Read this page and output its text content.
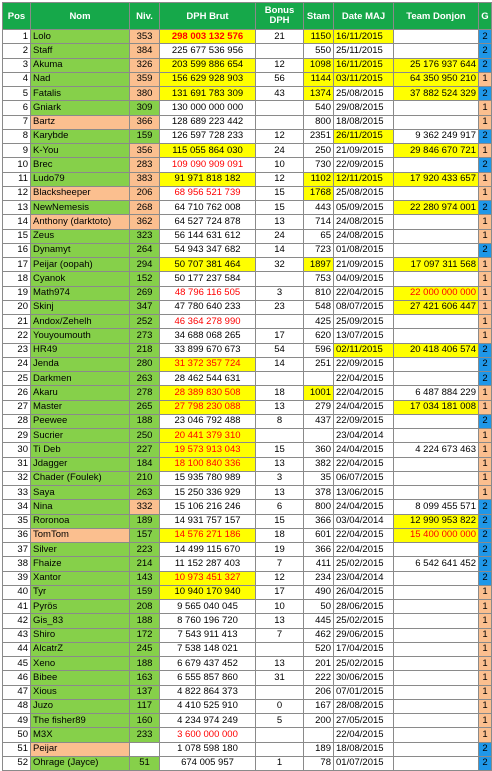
Pos	Nom	Niv.	DPH Brut	Bonus DPH	Stam	Date MAJ	Team Donjon	G
1	Lolo	353	298 003 132 576	21	1150	16/11/2015		2
2	Staff	384	225 677 536 956		550	25/11/2015		2
3	Akuma	326	203 599 886 654	12	1098	16/11/2015	25 176 937 644	2
4	Nad	359	156 629 928 903	56	1144	03/11/2015	64 350 950 210	1
5	Fatalis	380	131 691 783 309	43	1374	25/08/2015	37 882 524 329	2
6	Gniark	309	130 000 000 000		540	29/08/2015		1
7	Bartz	366	128 689 223 442		800	18/08/2015		1
8	Karybde	159	126 597 728 233	12	2351	26/11/2015	9 362 249 917	2
9	K-You	356	115 055 864 030	24	250	21/09/2015	29 846 670 721	1
10	Brec	283	109 090 909 091	10	730	22/09/2015		2
11	Ludo79	383	91 971 818 182	12	1102	12/11/2015	17 920 433 657	1
12	Blacksheeper	206	68 956 521 739	15	1768	25/08/2015		1
13	NewNemesis	268	64 710 762 008	15	443	05/09/2015	22 280 974 001	2
14	Anthony (darktoto)	362	64 527 724 878	13	714	24/08/2015		1
15	Zeus	323	56 144 631 612	24	65	24/08/2015		1
16	Dynamyt	264	54 943 347 682	14	723	01/08/2015		2
17	Peijar (oopah)	294	50 707 381 464	32	1897	21/09/2015	17 097 311 568	1
18	Cyanok	152	50 177 237 584		753	04/09/2015		1
19	Math974	269	48 796 116 505	3	810	22/04/2015	22 000 000 000	1
20	Skinj	347	47 780 640 233	23	548	08/07/2015	27 421 606 447	1
21	Andox/Zehelh	252	46 364 278 990		425	25/09/2015		1
22	Youyoumouth	273	34 688 068 265	17	620	13/07/2015		1
23	HR49	218	33 899 670 673	54	596	02/11/2015	20 418 406 574	2
24	Jenda	280	31 372 357 724	14	251	22/09/2015		2
25	Darkmen	263	28 462 544 631			22/04/2015		2
26	Akaru	278	28 389 830 508	18	1001	22/04/2015	6 487 884 229	1
27	Master	265	27 798 230 088	13	279	24/04/2015	17 034 181 008	1
28	Peewee	188	23 046 792 488	8	437	22/09/2015		2
29	Sucrier	250	20 441 379 310			23/04/2014		1
30	Ti Deb	227	19 573 913 043	15	360	24/04/2015	4 224 673 463	1
31	Jdagger	184	18 100 840 336	13	382	22/04/2015		1
32	Chader (Foulek)	210	15 935 780 989	3	35	06/07/2015		1
33	Saya	263	15 250 336 929	13	378	13/06/2015		1
34	Nina	332	15 106 216 246	6	800	24/04/2015	8 099 455 571	2
35	Roronoa	189	14 931 757 157	15	366	03/04/2014	12 990 953 822	2
36	TomTom	157	14 576 271 186	18	601	22/04/2015	15 400 000 000	2
37	Silver	223	14 499 115 670	19	366	22/04/2015		2
38	Fhaize	214	11 152 287 403	7	411	25/02/2015	6 542 641 452	2
39	Xantor	143	10 973 451 327	12	234	23/04/2014		2
40	Tyr	159	10 940 170 940	17	490	26/04/2015		1
41	Pyrös	208	9 565 040 045	10	50	28/06/2015		1
42	Gis_83	188	8 760 196 720	13	445	25/02/2015		1
43	Shiro	172	7 543 911 413	7	462	29/06/2015		1
44	AlcatrZ	245	7 538 148 021		520	17/04/2015		1
45	Xeno	188	6 679 437 452	13	201	25/02/2015		1
46	Bibee	163	6 555 857 860	31	222	30/06/2015		1
47	Xious	137	4 822 864 373		206	07/01/2015		1
48	Juzo	117	4 410 525 910	0	167	28/08/2015		1
49	The fisher89	160	4 234 974 249	5	200	27/05/2015		1
50	M3X	233	3 600 000 000			22/04/2015		1
51	Peijar		1 078 598 180		189	18/08/2015		2
52	Ohrage (Jayce)	51	674 005 957	1	78	01/07/2015		2
